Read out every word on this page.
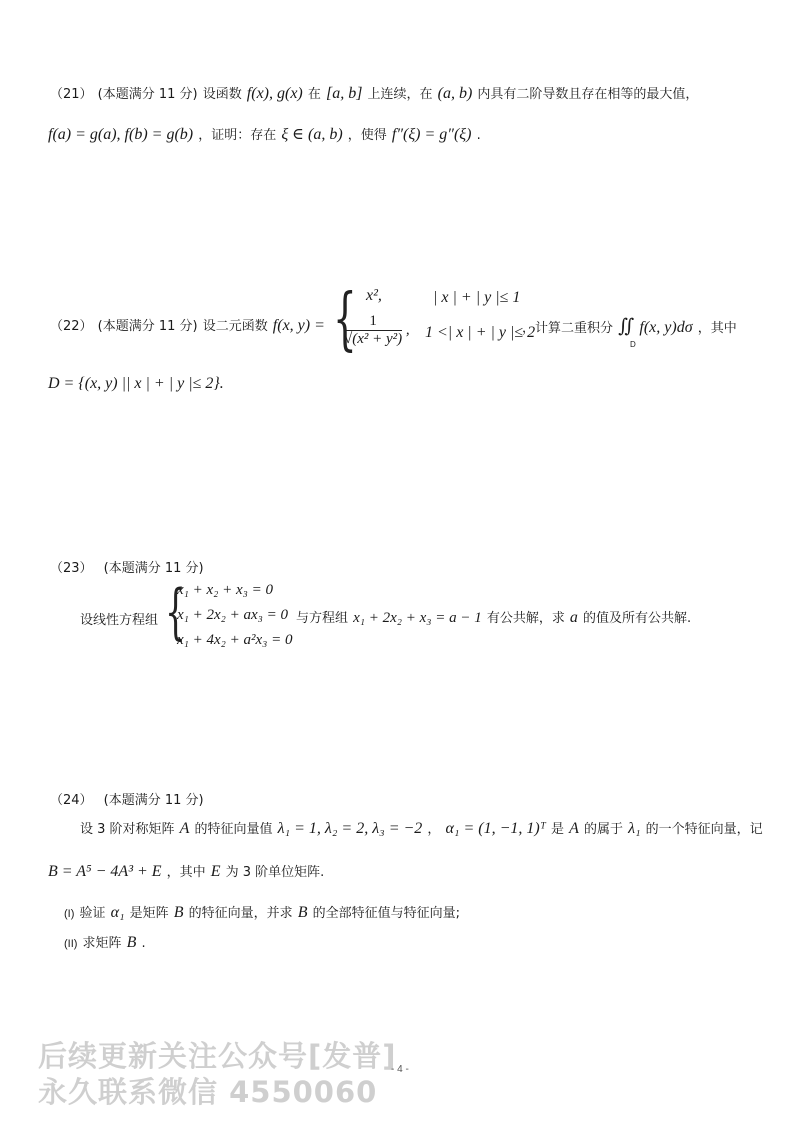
（21） (本题满分 11 分) 设函数 f(x), g(x) 在 [a, b] 上连续，在 (a, b) 内具有二阶导数且存在相等的最大值，
f(a) = g(a), f(b) = g(b) ，证明：存在 ξ ∈ (a, b) ，使得 f″(ξ) = g″(ξ) .
（22） (本题满分 11 分) 设二元函数 f(x, y) = { x²,	| x | + | y |≤ 1
$\frac{1}{\text{√(x² + y²)}}$ , 1 <| x | + | y |≤ 2
，计算二重积分 ∬ f(x, y)dσ ，其中
D
D = {(x, y) || x | + | y |≤ 2}.
（23） (本题满分 11 分)
设线性方程组 {
x₁ + x₂ + x₃ = 0
x₁ + 2x₂ + ax₃ = 0
x₁ + 4x₂ + a²x₃ = 0
与方程组 x₁ + 2x₂ + x₃ = a − 1 有公共解，求 a 的值及所有公共解.
（24） (本题满分 11 分)
设 3 阶对称矩阵 A 的特征向量值 λ₁ = 1, λ₂ = 2, λ₃ = −2 ， α₁ = (1, −1, 1)ᵀ 是 A 的属于 λ₁ 的一个特征向量，记
B = A⁵ − 4A³ + E ，其中 E 为 3 阶单位矩阵.
(I) 验证 α₁ 是矩阵 B 的特征向量，并求 B 的全部特征值与特征向量;
(II) 求矩阵 B .
后续更新关注公众号[发普]
永久联系微信 4550060
- 4 -
